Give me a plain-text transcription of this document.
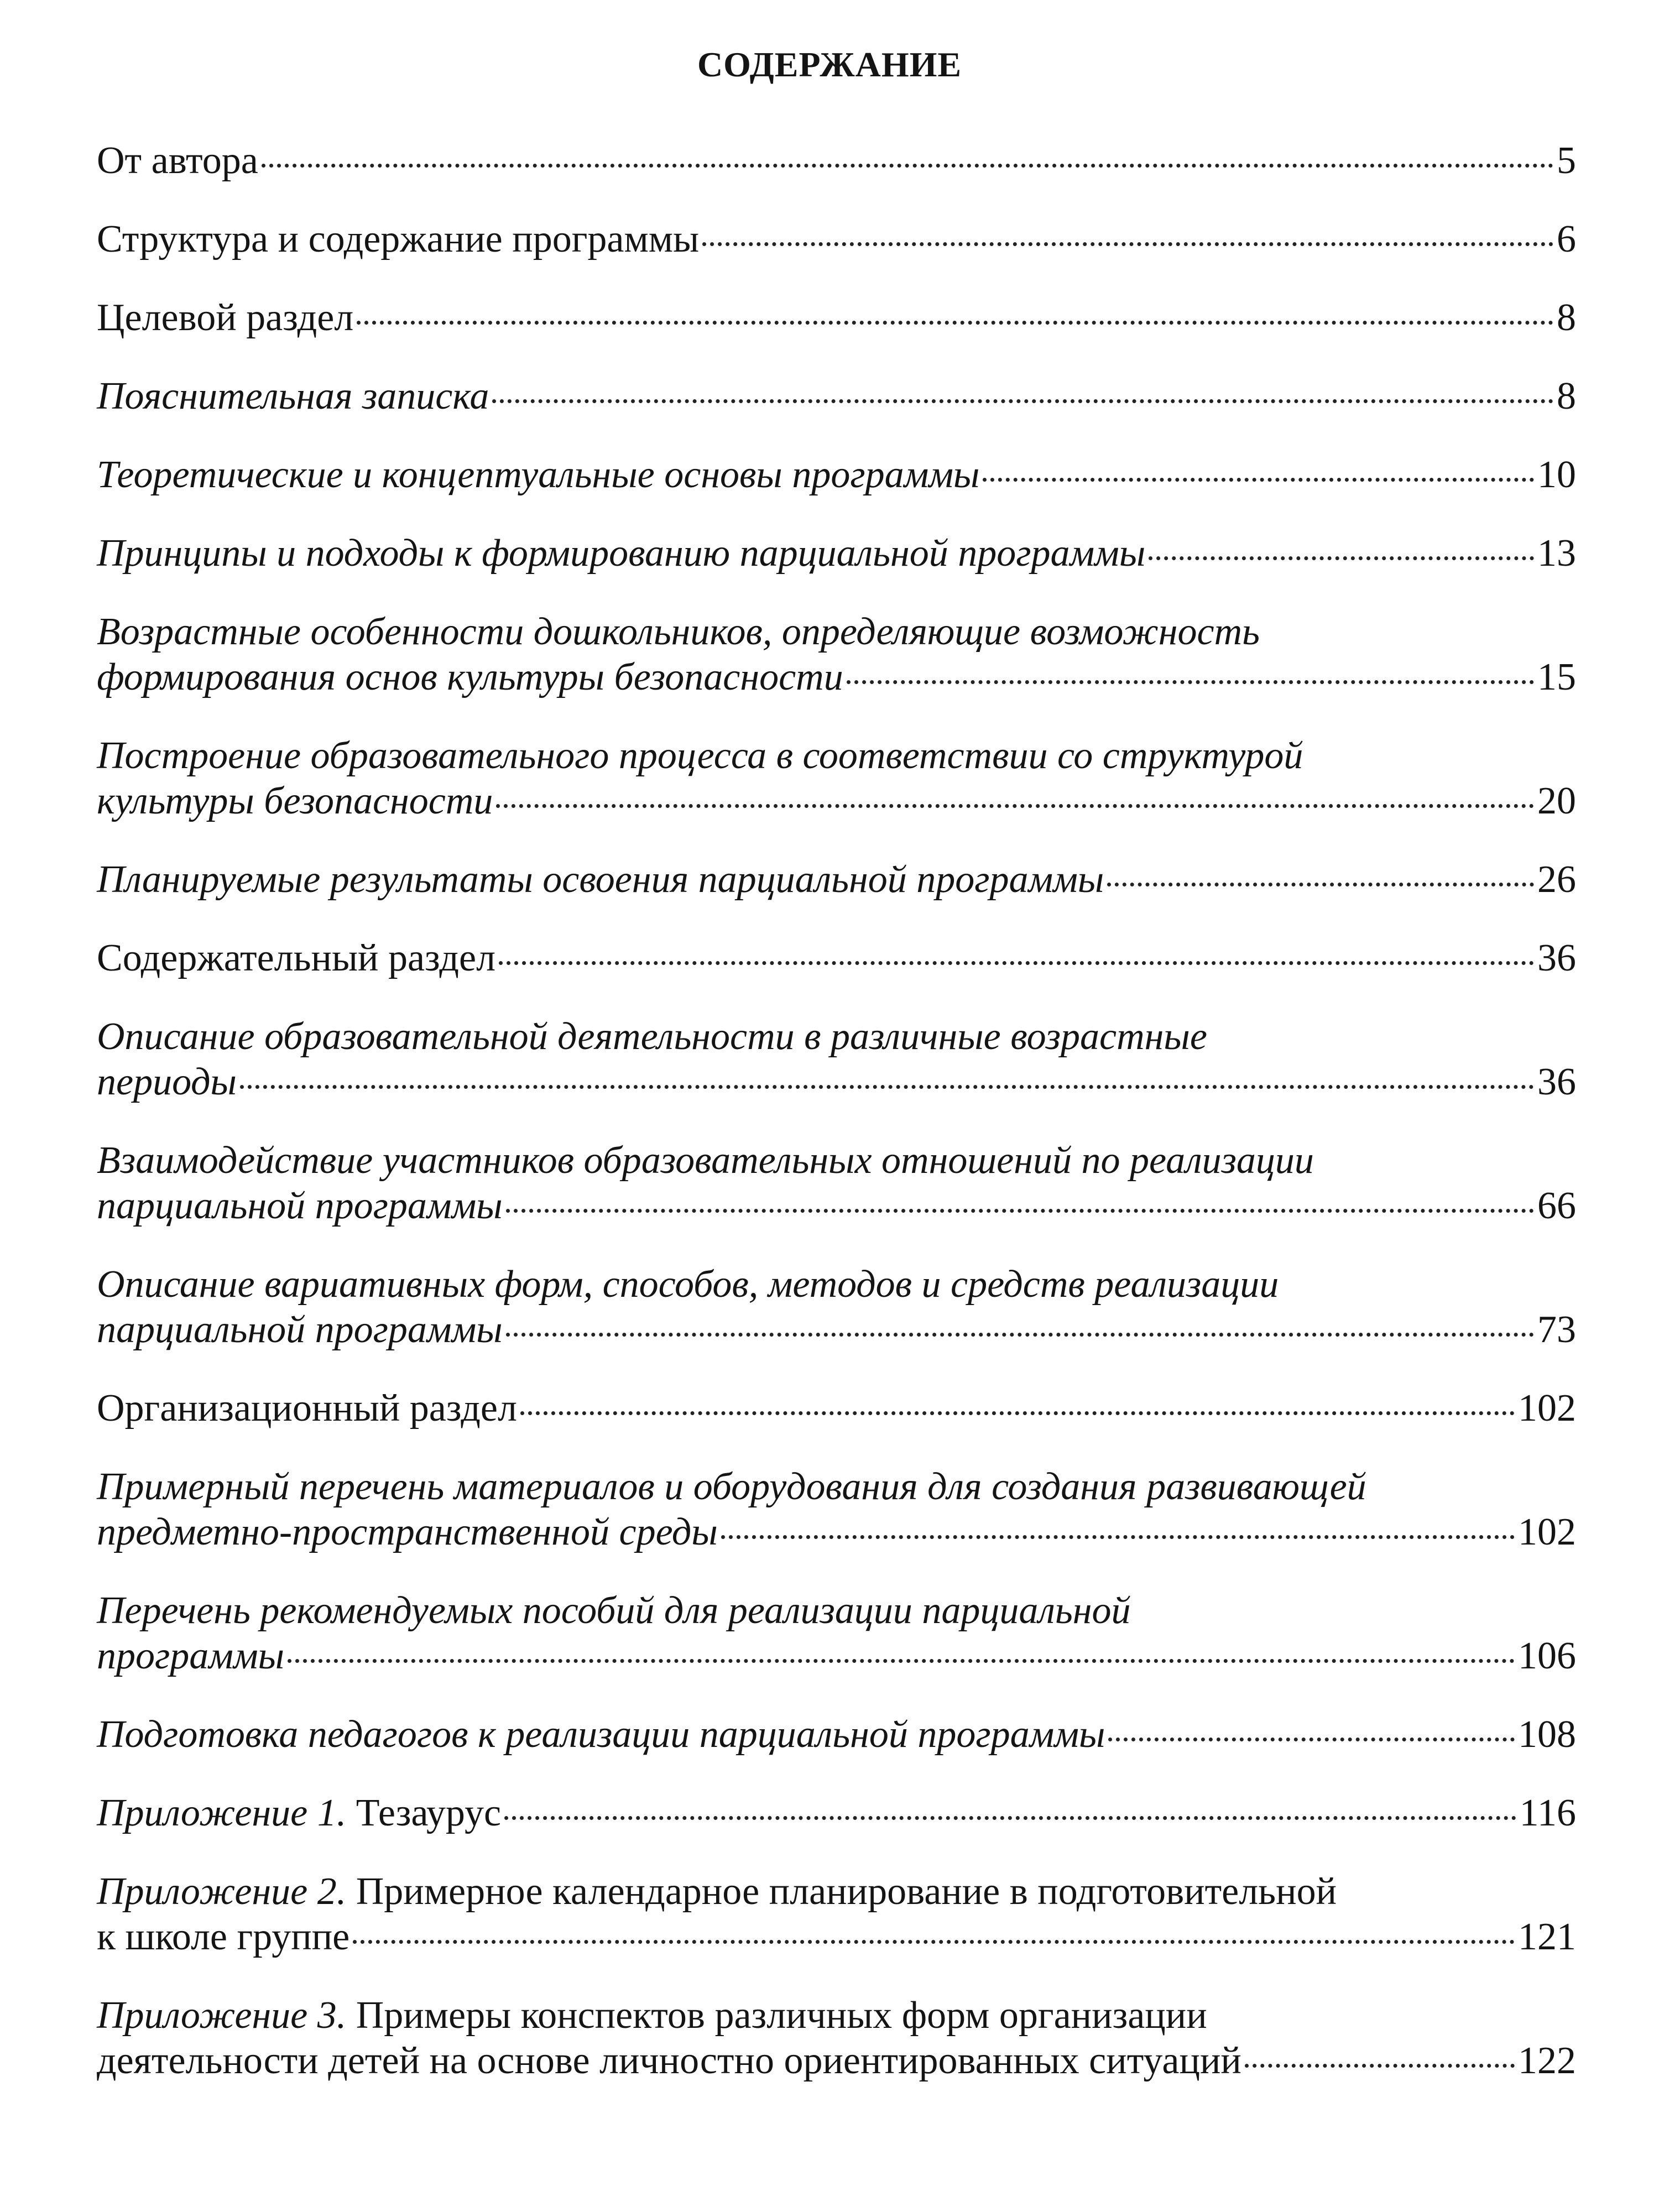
СОДЕРЖАНИЕ
От автора	5
Структура и содержание программы	6
Целевой раздел	8
Пояснительная записка	8
Теоретические и концептуальные основы программы	10
Принципы и подходы к формированию парциальной программы	13
Возрастные особенности дошкольников, определяющие возможность
формирования основ культуры безопасности	15
Построение образовательного процесса в соответствии со структурой
культуры безопасности	20
Планируемые результаты освоения парциальной программы	26
Содержательный раздел	36
Описание образовательной деятельности в различные возрастные
периоды	36
Взаимодействие участников образовательных отношений по реализации
парциальной программы	66
Описание вариативных форм, способов, методов и средств реализации
парциальной программы	73
Организационный раздел	102
Примерный перечень материалов и оборудования для создания развивающей
предметно-пространственной среды	102
Перечень рекомендуемых пособий для реализации парциальной
программы	106
Подготовка педагогов к реализации парциальной программы	108
Приложение 1. Тезаурус	116
Приложение 2. Примерное календарное планирование в подготовительной
к школе группе	121
Приложение 3. Примеры конспектов различных форм организации
деятельности детей на основе личностно ориентированных ситуаций	122
